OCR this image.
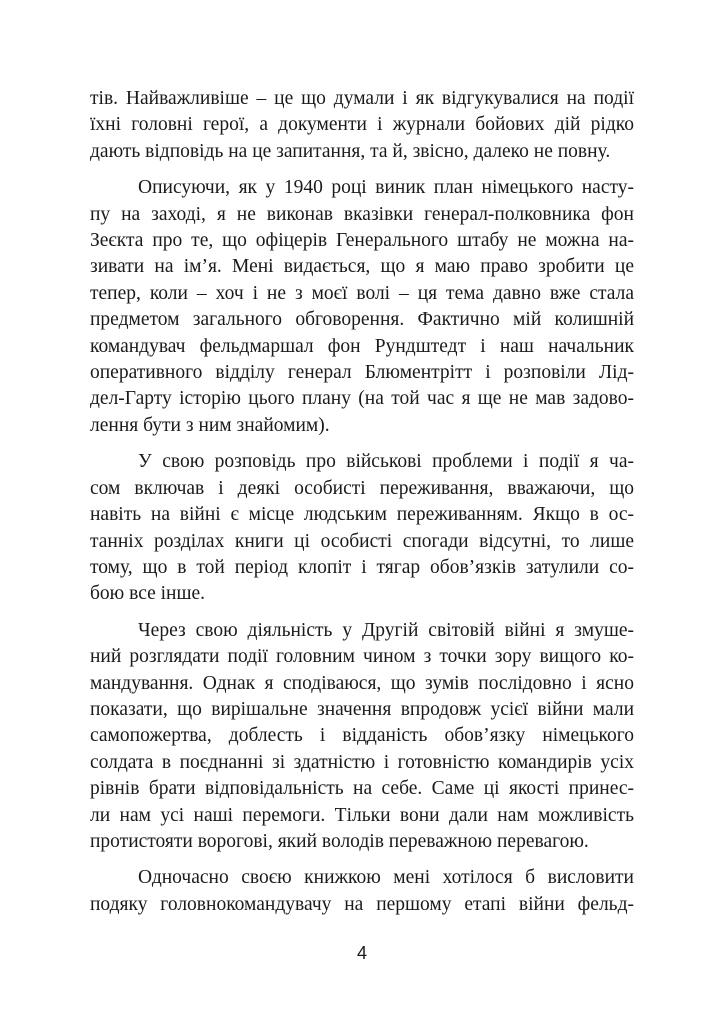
тів. Найважливіше – це що думали і як відгукувалися на події
їхні головні герої, а документи і журнали бойових дій рідко
дають відповідь на це запитання, та й, звісно, далеко не повну.
Описуючи, як у 1940 році виник план німецького насту-
пу на заході, я не виконав вказівки генерал-полковника фон
Зеєкта про те, що офіцерів Генерального штабу не можна на-
зивати на ім’я. Мені видається, що я маю право зробити це
тепер, коли – хоч і не з моєї волі – ця тема давно вже стала
предметом загального обговорення. Фактично мій колишній
командувач фельдмаршал фон Рундштедт і наш начальник
оперативного відділу генерал Блюментрітт і розповіли Лід-
дел-Гарту історію цього плану (на той час я ще не мав задово-
лення бути з ним знайомим).
У свою розповідь про військові проблеми і події я ча-
сом включав і деякі особисті переживання, вважаючи, що
навіть на війні є місце людським переживанням. Якщо в ос-
танніх розділах книги ці особисті спогади відсутні, то лише
тому, що в той період клопіт і тягар обов’язків затулили со-
бою все інше.
Через свою діяльність у Другій світовій війні я змуше-
ний розглядати події головним чином з точки зору вищого ко-
мандування. Однак я сподіваюся, що зумів послідовно і ясно
показати, що вирішальне значення впродовж усієї війни мали
самопожертва, доблесть і відданість обов’язку німецького
солдата в поєднанні зі здатністю і готовністю командирів усіх
рівнів брати відповідальність на себе. Саме ці якості принес-
ли нам усі наші перемоги. Тільки вони дали нам можливість
протистояти ворогові, який володів переважною перевагою.
Одночасно своєю книжкою мені хотілося б висловити
подяку головнокомандувачу на першому етапі війни фельд-
4
